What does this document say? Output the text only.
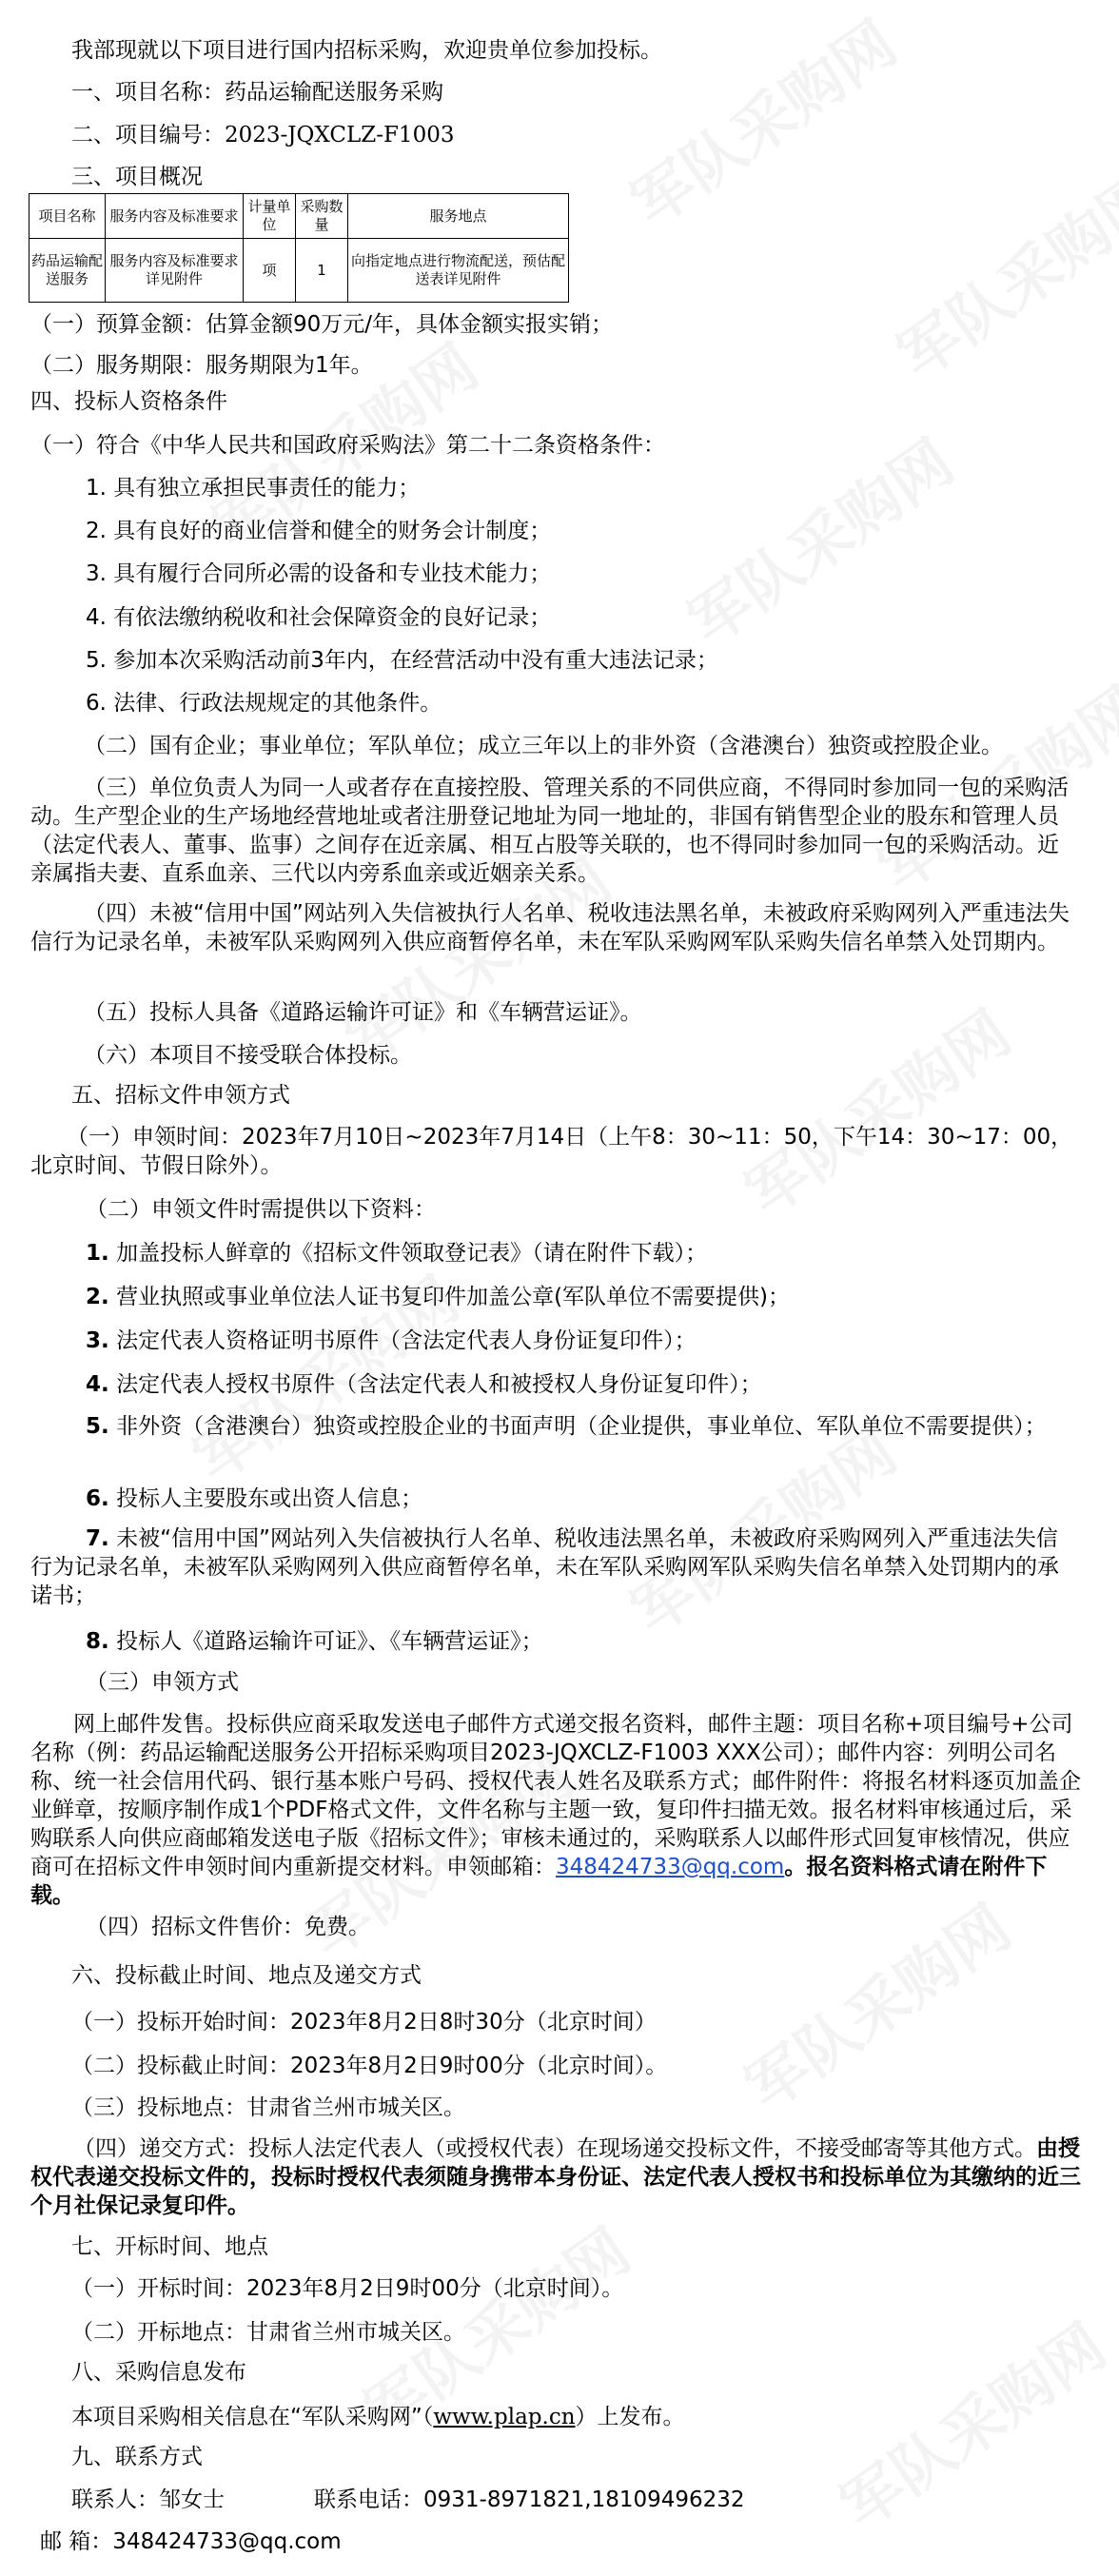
我部现就以下项目进行国内招标采购，欢迎贵单位参加投标。
一、项目名称：药品运输配送服务采购
二、项目编号：2023-JQXCLZ-F1003
三、项目概况
项目名称	服务内容及标准要求	计量单位	采购数量	服务地点
药品运输配送服务	服务内容及标准要求详见附件	项	1	向指定地点进行物流配送，预估配送表详见附件
（一）预算金额：估算金额90万元/年，具体金额实报实销；
（二）服务期限：服务期限为1年。
四、投标人资格条件
（一）符合《中华人民共和国政府采购法》第二十二条资格条件：
1. 具有独立承担民事责任的能力；
2. 具有良好的商业信誉和健全的财务会计制度；
3. 具有履行合同所必需的设备和专业技术能力；
4. 有依法缴纳税收和社会保障资金的良好记录；
5. 参加本次采购活动前3年内，在经营活动中没有重大违法记录；
6. 法律、行政法规规定的其他条件。
（二）国有企业；事业单位；军队单位；成立三年以上的非外资（含港澳台）独资或控股企业。
（三）单位负责人为同一人或者存在直接控股、管理关系的不同供应商，不得同时参加同一包的采购活动。生产型企业的生产场地经营地址或者注册登记地址为同一地址的，非国有销售型企业的股东和管理人员（法定代表人、董事、监事）之间存在近亲属、相互占股等关联的，也不得同时参加同一包的采购活动。近亲属指夫妻、直系血亲、三代以内旁系血亲或近姻亲关系。
（四）未被“信用中国”网站列入失信被执行人名单、税收违法黑名单，未被政府采购网列入严重违法失信行为记录名单，未被军队采购网列入供应商暂停名单，未在军队采购网军队采购失信名单禁入处罚期内。
（五）投标人具备《道路运输许可证》和《车辆营运证》。
（六）本项目不接受联合体投标。
五、招标文件申领方式
（一）申领时间：2023年7月10日~2023年7月14日（上午8：30~11：50，下午14：30~17：00，北京时间、节假日除外）。
（二）申领文件时需提供以下资料：
1. 加盖投标人鲜章的《招标文件领取登记表》（请在附件下载）；
2. 营业执照或事业单位法人证书复印件加盖公章(军队单位不需要提供)；
3. 法定代表人资格证明书原件（含法定代表人身份证复印件）；
4. 法定代表人授权书原件（含法定代表人和被授权人身份证复印件）；
5. 非外资（含港澳台）独资或控股企业的书面声明（企业提供，事业单位、军队单位不需要提供）；
6. 投标人主要股东或出资人信息；
7. 未被“信用中国”网站列入失信被执行人名单、税收违法黑名单，未被政府采购网列入严重违法失信行为记录名单，未被军队采购网列入供应商暂停名单，未在军队采购网军队采购失信名单禁入处罚期内的承诺书；
8. 投标人《道路运输许可证》、《车辆营运证》；
（三）申领方式
网上邮件发售。投标供应商采取发送电子邮件方式递交报名资料，邮件主题：项目名称+项目编号+公司名称（例：药品运输配送服务公开招标采购项目2023-JQXCLZ-F1003 XXX公司）；邮件内容：列明公司名称、统一社会信用代码、银行基本账户号码、授权代表人姓名及联系方式；邮件附件：将报名材料逐页加盖企业鲜章，按顺序制作成1个PDF格式文件，文件名称与主题一致，复印件扫描无效。报名材料审核通过后，采购联系人向供应商邮箱发送电子版《招标文件》；审核未通过的，采购联系人以邮件形式回复审核情况，供应商可在招标文件申领时间内重新提交材料。申领邮箱：348424733@qq.com。报名资料格式请在附件下载。
（四）招标文件售价：免费。
六、投标截止时间、地点及递交方式
（一）投标开始时间：2023年8月2日8时30分（北京时间）
（二）投标截止时间：2023年8月2日9时00分（北京时间）。
（三）投标地点：甘肃省兰州市城关区。
（四）递交方式：投标人法定代表人（或授权代表）在现场递交投标文件，不接受邮寄等其他方式。由授权代表递交投标文件的，投标时授权代表须随身携带本身份证、法定代表人授权书和投标单位为其缴纳的近三个月社保记录复印件。
七、开标时间、地点
（一）开标时间：2023年8月2日9时00分（北京时间）。
（二）开标地点：甘肃省兰州市城关区。
八、采购信息发布
本项目采购相关信息在“军队采购网”（www.plap.cn）上发布。
九、联系方式
联系人：邹女士	联系电话：0931-8971821,18109496232
邮 箱：348424733@qq.com
